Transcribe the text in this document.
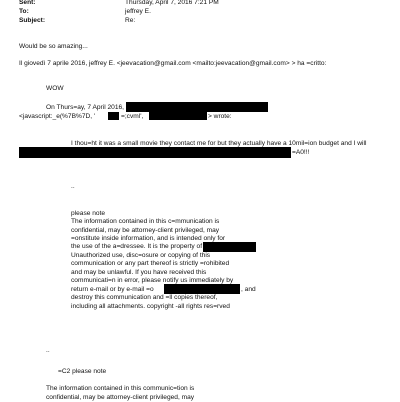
Sent:	Thursday, April 7, 2016 7:21 PM
To:	jeffrey E.
Subject:	Re:
Would be so amazing...
Il giovedì 7 aprile 2016, jeffrey E. <jeevacation@gmail.com <mailto:jeevacation@gmail.com> > ha =critto:
WOW
On Thurs=ay, 7 April 2016,
<javascript:_e(%7B%7D, '	=;cvml',	> wrote:
I thou=ht it was a small movie they contact me for but they actually have a 10mil=ion budget and I will
=A0!!!
..
please note
The information contained in this c=mmunication is
confidential, may be attorney-client privileged, may
=onstitute inside information, and is intended only for
the use of the a=dressee. It is the property of
Unauthorized use, disc=osure or copying of this
communication or any part thereof is strictly =rohibited
and may be unlawful. If you have received this
communicati=n in error, please notify us immediately by
return e-mail or by e-mail =o	, and
destroy this communication and =ll copies thereof,
including all attachments. copyright -all rights res=rved
..
=C2 please note
The information contained in this communic=tion is
confidential, may be attorney-client privileged, may
